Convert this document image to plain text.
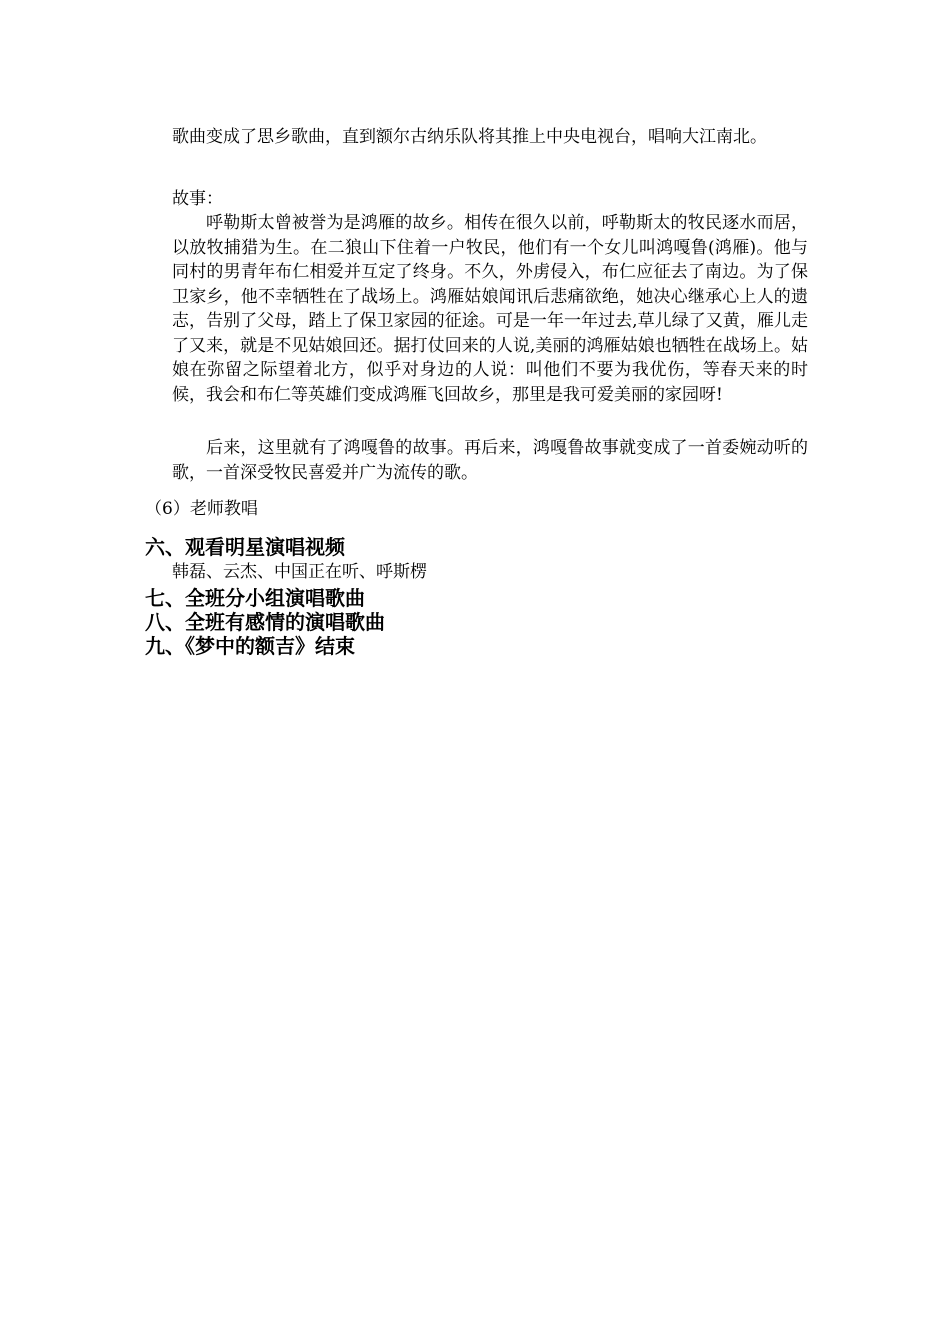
歌曲变成了思乡歌曲，直到额尔古纳乐队将其推上中央电视台，唱响大江南北。
故事：
呼勒斯太曾被誉为是鸿雁的故乡。相传在很久以前，呼勒斯太的牧民逐水而居，以放牧捕猎为生。在二狼山下住着一户牧民，他们有一个女儿叫鸿嘎鲁(鸿雁)。他与同村的男青年布仁相爱并互定了终身。不久，外虏侵入，布仁应征去了南边。为了保卫家乡，他不幸牺牲在了战场上。鸿雁姑娘闻讯后悲痛欲绝，她决心继承心上人的遗志，告别了父母，踏上了保卫家园的征途。可是一年一年过去,草儿绿了又黄，雁儿走了又来，就是不见姑娘回还。据打仗回来的人说,美丽的鸿雁姑娘也牺牲在战场上。姑娘在弥留之际望着北方，似乎对身边的人说：叫他们不要为我优伤，等春天来的时候，我会和布仁等英雄们变成鸿雁飞回故乡，那里是我可爱美丽的家园呀!
后来，这里就有了鸿嘎鲁的故事。再后来，鸿嘎鲁故事就变成了一首委婉动听的歌，一首深受牧民喜爱并广为流传的歌。
（6）老师教唱
六、观看明星演唱视频
韩磊、云杰、中国正在听、呼斯楞
七、全班分小组演唱歌曲
八、全班有感情的演唱歌曲
九、《梦中的额吉》结束
